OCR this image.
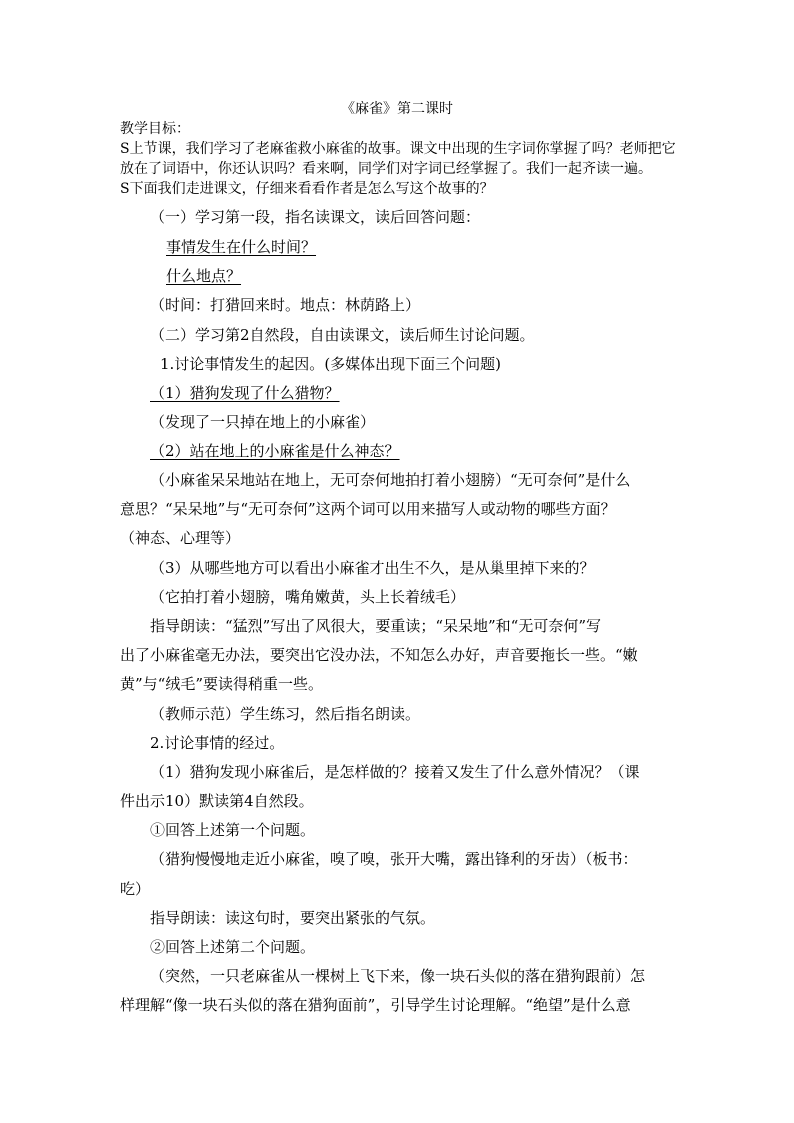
《麻雀》第二课时
教学目标：
S上节课，我们学习了老麻雀救小麻雀的故事。课文中出现的生字词你掌握了吗？老师把它
放在了词语中，你还认识吗？看来啊，同学们对字词已经掌握了。我们一起齐读一遍。
S下面我们走进课文，仔细来看看作者是怎么写这个故事的？
（一）学习第一段，指名读课文，读后回答问题：
事情发生在什么时间？
什么地点？
（时间：打猎回来时。地点：林荫路上）
（二）学习第2自然段，自由读课文，读后师生讨论问题。
1.讨论事情发生的起因。(多媒体出现下面三个问题)
（1）猎狗发现了什么猎物？
（发现了一只掉在地上的小麻雀）
（2）站在地上的小麻雀是什么神态？
（小麻雀呆呆地站在地上，无可奈何地拍打着小翅膀）“无可奈何”是什么
意思？“呆呆地”与“无可奈何”这两个词可以用来描写人或动物的哪些方面？
（神态、心理等）
（3）从哪些地方可以看出小麻雀才出生不久，是从巢里掉下来的？
（它拍打着小翅膀，嘴角嫩黄，头上长着绒毛）
指导朗读：“猛烈”写出了风很大，要重读；“呆呆地”和“无可奈何”写
出了小麻雀毫无办法，要突出它没办法，不知怎么办好，声音要拖长一些。“嫩
黄”与“绒毛”要读得稍重一些。
（教师示范）学生练习，然后指名朗读。
2.讨论事情的经过。
（1）猎狗发现小麻雀后，是怎样做的？接着又发生了什么意外情况？（课
件出示10）默读第4自然段。
①回答上述第一个问题。
（猎狗慢慢地走近小麻雀，嗅了嗅，张开大嘴，露出锋利的牙齿）（板书：
吃）
指导朗读：读这句时，要突出紧张的气氛。
②回答上述第二个问题。
（突然，一只老麻雀从一棵树上飞下来，像一块石头似的落在猎狗跟前）怎
样理解“像一块石头似的落在猎狗面前”，引导学生讨论理解。“绝望”是什么意
